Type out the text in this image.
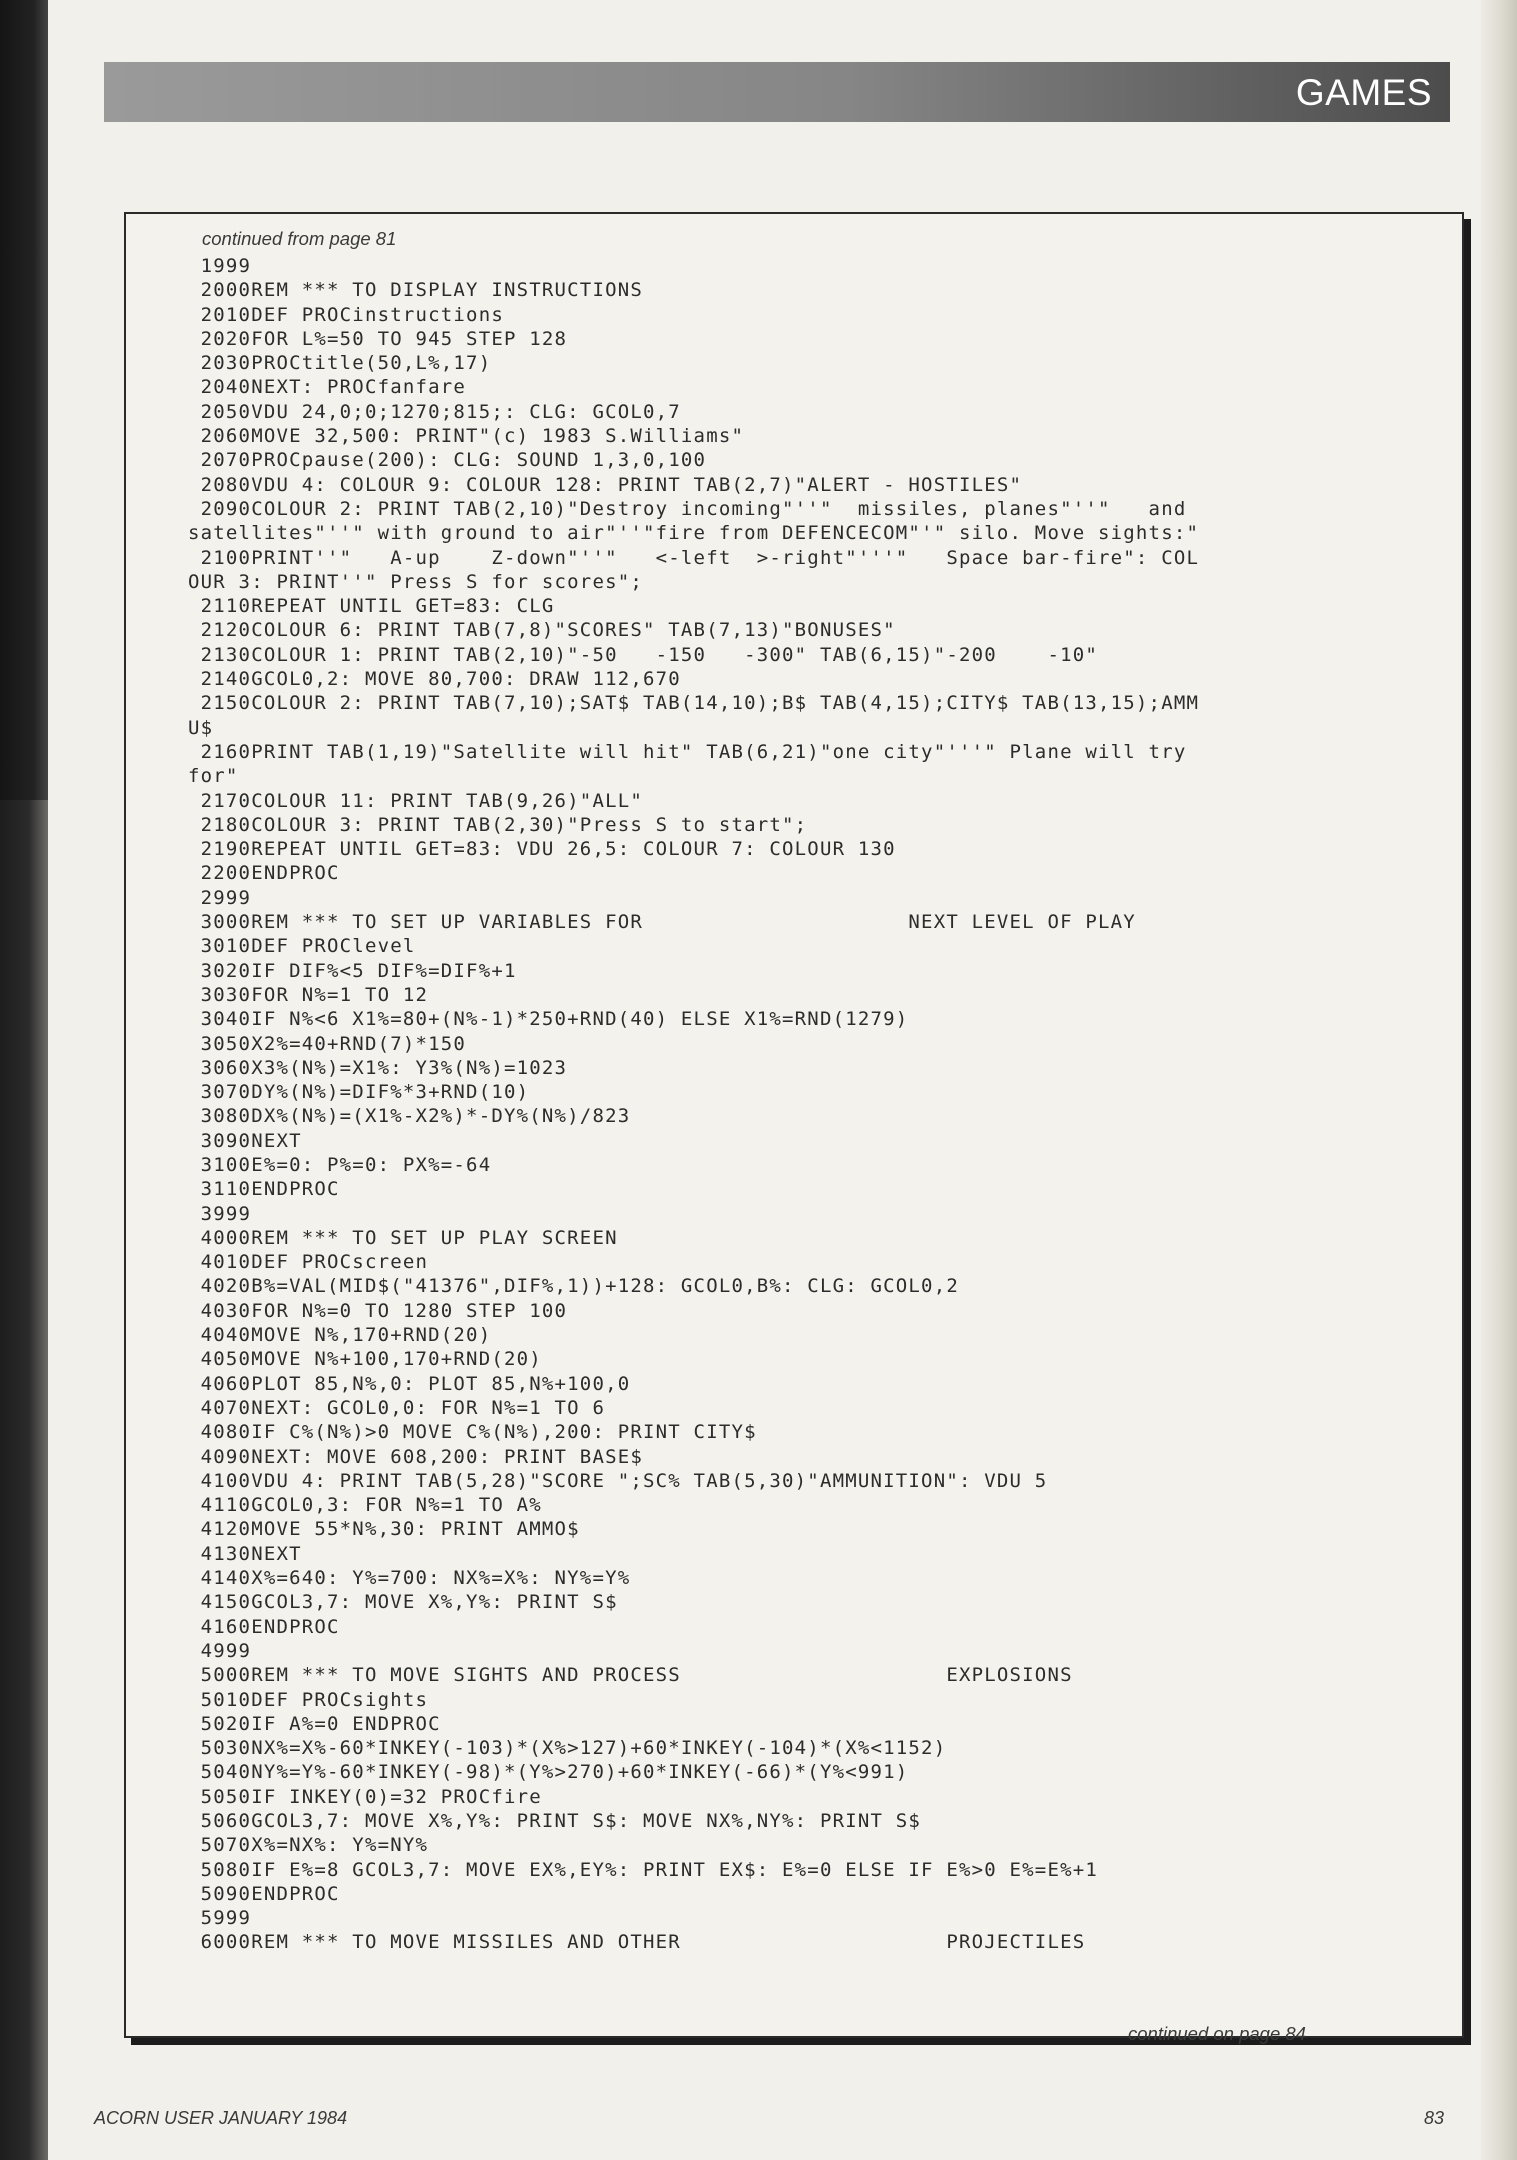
GAMES
continued from page 81
1999
2000REM *** TO DISPLAY INSTRUCTIONS
2010DEF PROCinstructions
2020FOR L%=50 TO 945 STEP 128
2030PROCtitle(50,L%,17)
2040NEXT: PROCfanfare
2050VDU 24,0;0;1270;815;: CLG: GCOL0,7
2060MOVE 32,500: PRINT"(c) 1983 S.Williams"
2070PROCpause(200): CLG: SOUND 1,3,0,100
2080VDU 4: COLOUR 9: COLOUR 128: PRINT TAB(2,7)"ALERT - HOSTILES"
2090COLOUR 2: PRINT TAB(2,10)"Destroy incoming"''"  missiles, planes"''"   and
satellites"''" with ground to air"''"fire from DEFENCECOM"'" silo. Move sights:"
2100PRINT''"   A-up    Z-down"''"   <-left  >-right"'''"   Space bar-fire": COL
OUR 3: PRINT''" Press S for scores";
2110REPEAT UNTIL GET=83: CLG
2120COLOUR 6: PRINT TAB(7,8)"SCORES" TAB(7,13)"BONUSES"
2130COLOUR 1: PRINT TAB(2,10)"-50   -150   -300" TAB(6,15)"-200    -10"
2140GCOL0,2: MOVE 80,700: DRAW 112,670
2150COLOUR 2: PRINT TAB(7,10);SAT$ TAB(14,10);B$ TAB(4,15);CITY$ TAB(13,15);AMM
U$
2160PRINT TAB(1,19)"Satellite will hit" TAB(6,21)"one city"'''" Plane will try
for"
2170COLOUR 11: PRINT TAB(9,26)"ALL"
2180COLOUR 3: PRINT TAB(2,30)"Press S to start";
2190REPEAT UNTIL GET=83: VDU 26,5: COLOUR 7: COLOUR 130
2200ENDPROC
2999
3000REM *** TO SET UP VARIABLES FOR                     NEXT LEVEL OF PLAY
3010DEF PROClevel
3020IF DIF%<5 DIF%=DIF%+1
3030FOR N%=1 TO 12
3040IF N%<6 X1%=80+(N%-1)*250+RND(40) ELSE X1%=RND(1279)
3050X2%=40+RND(7)*150
3060X3%(N%)=X1%: Y3%(N%)=1023
3070DY%(N%)=DIF%*3+RND(10)
3080DX%(N%)=(X1%-X2%)*-DY%(N%)/823
3090NEXT
3100E%=0: P%=0: PX%=-64
3110ENDPROC
3999
4000REM *** TO SET UP PLAY SCREEN
4010DEF PROCscreen
4020B%=VAL(MID$("41376",DIF%,1))+128: GCOL0,B%: CLG: GCOL0,2
4030FOR N%=0 TO 1280 STEP 100
4040MOVE N%,170+RND(20)
4050MOVE N%+100,170+RND(20)
4060PLOT 85,N%,0: PLOT 85,N%+100,0
4070NEXT: GCOL0,0: FOR N%=1 TO 6
4080IF C%(N%)>0 MOVE C%(N%),200: PRINT CITY$
4090NEXT: MOVE 608,200: PRINT BASE$
4100VDU 4: PRINT TAB(5,28)"SCORE ";SC% TAB(5,30)"AMMUNITION": VDU 5
4110GCOL0,3: FOR N%=1 TO A%
4120MOVE 55*N%,30: PRINT AMMO$
4130NEXT
4140X%=640: Y%=700: NX%=X%: NY%=Y%
4150GCOL3,7: MOVE X%,Y%: PRINT S$
4160ENDPROC
4999
5000REM *** TO MOVE SIGHTS AND PROCESS                     EXPLOSIONS
5010DEF PROCsights
5020IF A%=0 ENDPROC
5030NX%=X%-60*INKEY(-103)*(X%>127)+60*INKEY(-104)*(X%<1152)
5040NY%=Y%-60*INKEY(-98)*(Y%>270)+60*INKEY(-66)*(Y%<991)
5050IF INKEY(0)=32 PROCfire
5060GCOL3,7: MOVE X%,Y%: PRINT S$: MOVE NX%,NY%: PRINT S$
5070X%=NX%: Y%=NY%
5080IF E%=8 GCOL3,7: MOVE EX%,EY%: PRINT EX$: E%=0 ELSE IF E%>0 E%=E%+1
5090ENDPROC
5999
6000REM *** TO MOVE MISSILES AND OTHER                     PROJECTILES
continued on page 84
ACORN USER JANUARY 1984	83
